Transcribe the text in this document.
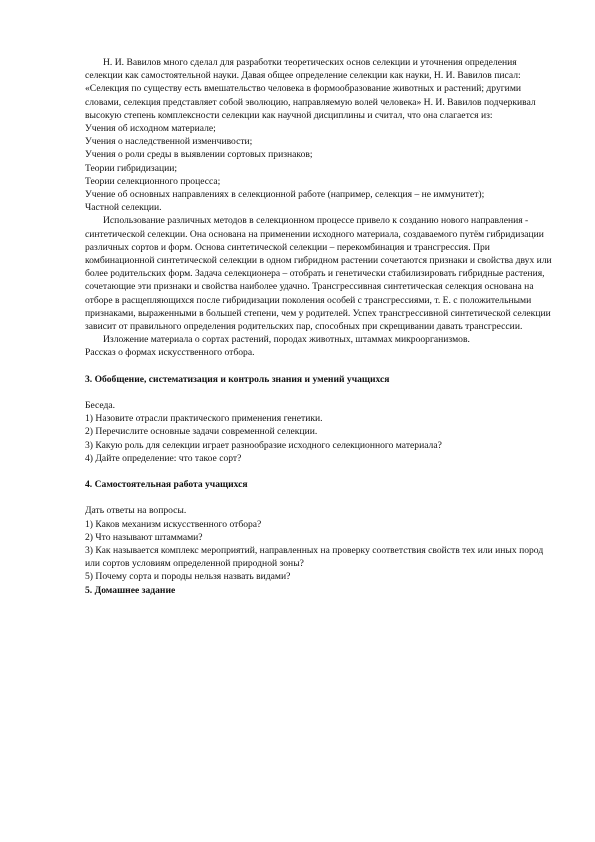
Н. И. Вавилов много сделал для разработки теоретических основ селекции и уточнения определения селекции как самостоятельной науки. Давая общее определение селекции как науки, Н. И. Вавилов писал: «Селекция по существу есть вмешательство человека в формообразование животных и растений; другими словами, селекция представляет собой эволюцию, направляемую волей человека» Н. И. Вавилов подчеркивал высокую степень комплексности селекции как научной дисциплины и считал, что она слагается из:

Учения об исходном материале;

Учения о наследственной изменчивости;

Учения о роли среды в выявлении сортовых признаков;

Теории гибридизации;

Теории селекционного процесса;

Учение об основных направлениях в селекционной работе (например, селекция – не иммунитет);

Частной селекции.

Использование различных методов в селекционном процессе привело к созданию нового направления - синтетической селекции. Она основана на применении исходного материала, создаваемого путём гибридизации различных сортов и форм. Основа синтетической селекции – перекомбинация и трансгрессия. При комбинационной синтетической селекции в одном гибридном растении сочетаются признаки и свойства двух или более родительских форм. Задача селекционера – отобрать и генетически стабилизировать гибридные растения, сочетающие эти признаки и свойства наиболее удачно. Трансгрессивная синтетическая селекция основана на отборе в расщепляющихся после гибридизации поколения особей с трансгрессиями, т. Е. с положительными признаками, выраженными в большей степени, чем у родителей. Успех трансгрессивной синтетической селекции зависит от правильного определения родительских пар, способных при скрещивании давать трансгрессии.

Изложение материала о сортах растений, породах животных, штаммах микроорганизмов.

Рассказ о формах искусственного отбора.

3. Обобщение, систематизация и контроль знания и умений учащихся

Беседа.

1) Назовите отрасли практического применения генетики.

2) Перечислите основные задачи современной селекции.

3) Какую роль для селекции играет разнообразие исходного селекционного материала?

4) Дайте определение: что такое сорт?

4. Самостоятельная работа учащихся

Дать ответы на вопросы.

1) Каков механизм искусственного отбора?

2) Что называют штаммами?

3) Как называется комплекс мероприятий, направленных на проверку соответствия свойств тех или иных пород или сортов условиям определенной природной зоны?

5) Почему сорта и породы нельзя назвать видами?

5. Домашнее задание
